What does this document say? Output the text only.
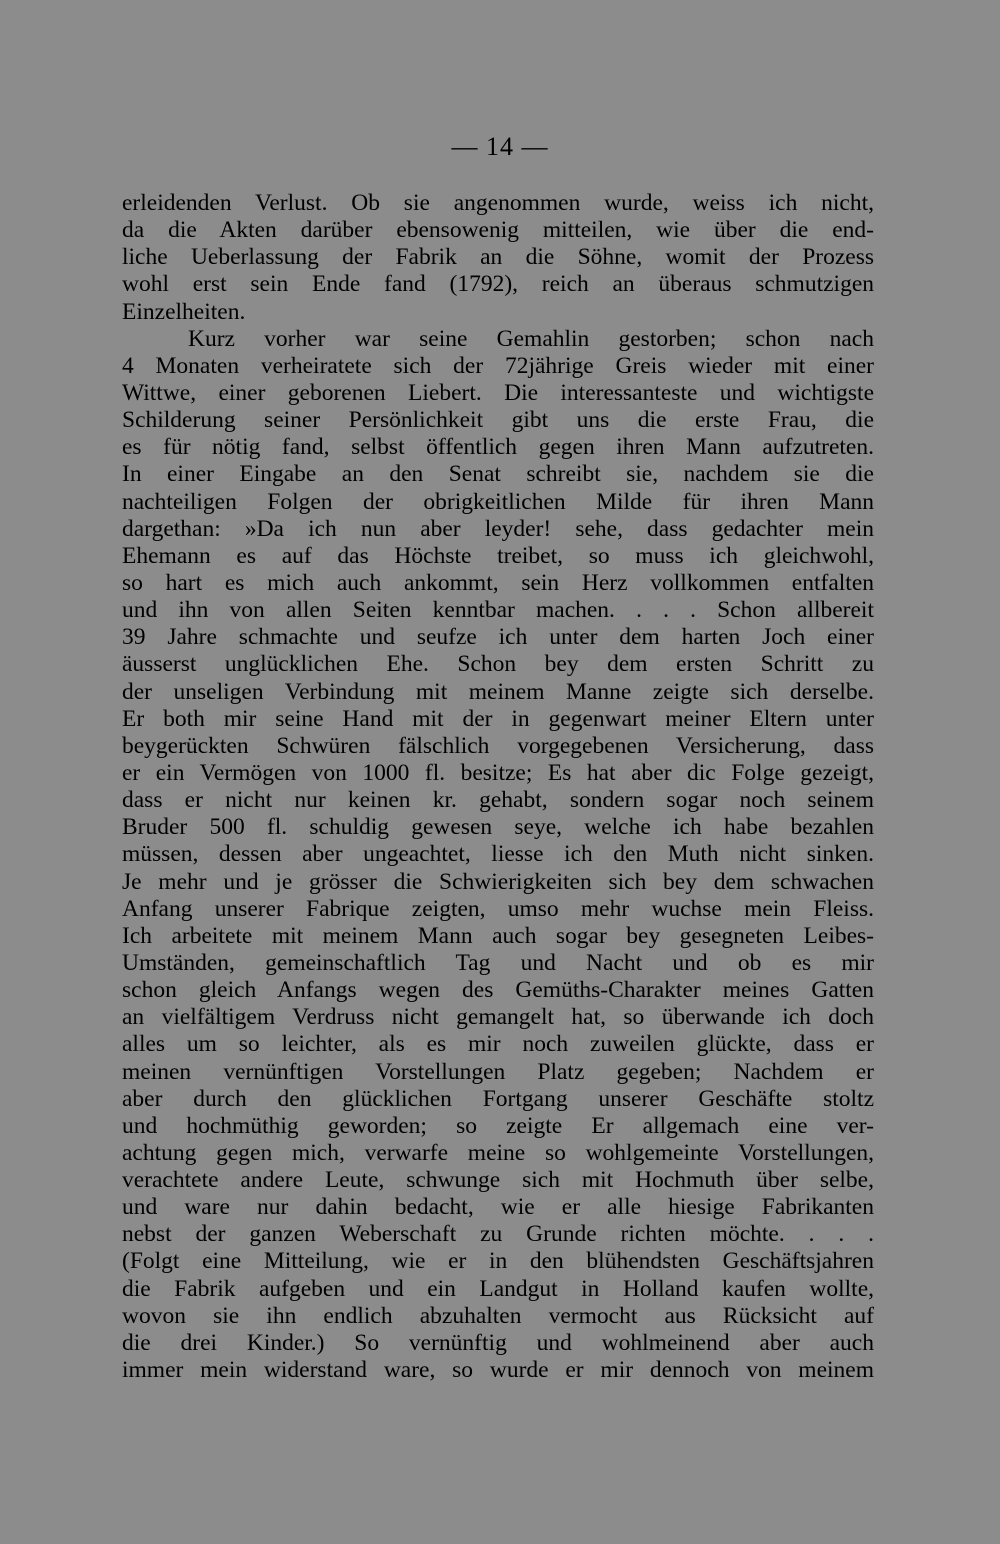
— 14 —
erleidenden Verlust. Ob sie angenommen wurde, weiss ich nicht,
da die Akten darüber ebensowenig mitteilen, wie über die end-
liche Ueberlassung der Fabrik an die Söhne, womit der Prozess
wohl erst sein Ende fand (1792), reich an überaus schmutzigen
Einzelheiten.
Kurz vorher war seine Gemahlin gestorben; schon nach
4 Monaten verheiratete sich der 72jährige Greis wieder mit einer
Wittwe, einer geborenen Liebert. Die interessanteste und wichtigste
Schilderung seiner Persönlichkeit gibt uns die erste Frau, die
es für nötig fand, selbst öffentlich gegen ihren Mann aufzutreten.
In einer Eingabe an den Senat schreibt sie, nachdem sie die
nachteiligen Folgen der obrigkeitlichen Milde für ihren Mann
dargethan: »Da ich nun aber leyder! sehe, dass gedachter mein
Ehemann es auf das Höchste treibet, so muss ich gleichwohl,
so hart es mich auch ankommt, sein Herz vollkommen entfalten
und ihn von allen Seiten kenntbar machen. . . . Schon allbereit
39 Jahre schmachte und seufze ich unter dem harten Joch einer
äusserst unglücklichen Ehe. Schon bey dem ersten Schritt zu
der unseligen Verbindung mit meinem Manne zeigte sich derselbe.
Er both mir seine Hand mit der in gegenwart meiner Eltern unter
beygerückten Schwüren fälschlich vorgegebenen Versicherung, dass
er ein Vermögen von 1000 fl. besitze; Es hat aber dic Folge gezeigt,
dass er nicht nur keinen kr. gehabt, sondern sogar noch seinem
Bruder 500 fl. schuldig gewesen seye, welche ich habe bezahlen
müssen, dessen aber ungeachtet, liesse ich den Muth nicht sinken.
Je mehr und je grösser die Schwierigkeiten sich bey dem schwachen
Anfang unserer Fabrique zeigten, umso mehr wuchse mein Fleiss.
Ich arbeitete mit meinem Mann auch sogar bey gesegneten Leibes-
Umständen, gemeinschaftlich Tag und Nacht und ob es mir
schon gleich Anfangs wegen des Gemüths-Charakter meines Gatten
an vielfältigem Verdruss nicht gemangelt hat, so überwande ich doch
alles um so leichter, als es mir noch zuweilen glückte, dass er
meinen vernünftigen Vorstellungen Platz gegeben; Nachdem er
aber durch den glücklichen Fortgang unserer Geschäfte stoltz
und hochmüthig geworden; so zeigte Er allgemach eine ver-
achtung gegen mich, verwarfe meine so wohlgemeinte Vorstellungen,
verachtete andere Leute, schwunge sich mit Hochmuth über selbe,
und ware nur dahin bedacht, wie er alle hiesige Fabrikanten
nebst der ganzen Weberschaft zu Grunde richten möchte. . . .
(Folgt eine Mitteilung, wie er in den blühendsten Geschäftsjahren
die Fabrik aufgeben und ein Landgut in Holland kaufen wollte,
wovon sie ihn endlich abzuhalten vermocht aus Rücksicht auf
die drei Kinder.) So vernünftig und wohlmeinend aber auch
immer mein widerstand ware, so wurde er mir dennoch von meinem
